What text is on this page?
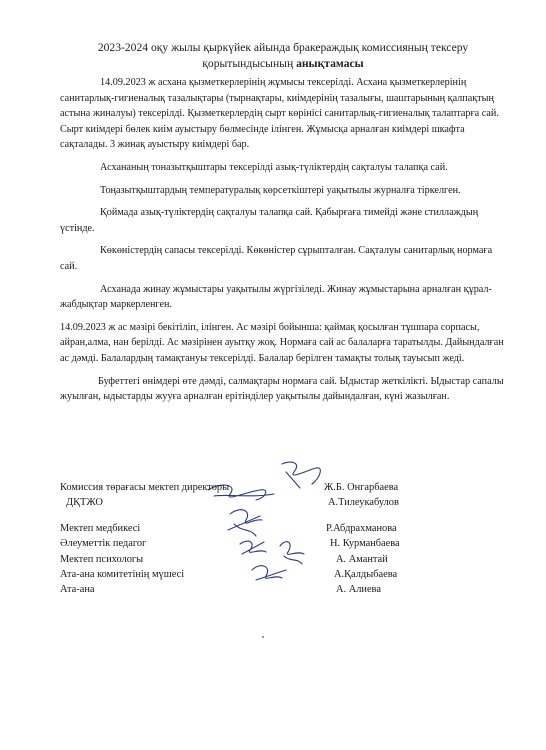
2023-2024 оқу жылы қыркүйек айында бракераждық комиссияның тексеру
қорытындысының анықтамасы

14.09.2023 ж асхана қызметкерлерінің жұмысы тексерілді. Асхана қызметкерлерінің санитарлық-гигиеналық тазалықтары (тырнақтары, киімдерінің тазалығы, шаштарының қалпақтың астына жиналуы) тексерілді. Қызметкерлердің сырт көрінісі санитарлық-гигиеналық талаптарға сай. Сырт киімдері бөлек киім ауыстыру бөлмесінде ілінген. Жұмысқа арналған киімдері шкафта сақталады. 3 жинақ ауыстыру киімдері бар.

Асхананың тоназытқыштары тексерілді азық-түліктердің сақталуы талапқа сай.

Тоңазытқыштардың температуралық көрсеткіштері уақытылы журналға тіркелген.

Қоймада азық-түліктердің сақталуы талапқа сай. Қабырғаға тимейді және стиллаждың үстінде.

Көкөністердің сапасы тексерілді. Көкөністер сұрыпталған. Сақталуы санитарлық нормаға сай.

Асханада жинау жұмыстары уақытылы жүргізіледі. Жинау жұмыстарына арналған құрал-жабдықтар маркерленген.

14.09.2023 ж ас мәзірі бекітіліп, ілінген. Ас мәзірі бойынша: қаймақ қосылған тұшпара сорпасы, айран,алма, нан берілді. Ас мәзірінен ауытқу жоқ. Нормаға сай ас балаларға таратылды. Дайындалған ас дәмді. Балалардың тамақтануы тексерілді. Балалар берілген тамақты толық тауысып жеді.

Буфеттегі өнімдері өте дәмді, салмақтары нормаға сай. Ыдыстар жеткілікті. Ыдыстар сапалы жуылған, ыдыстарды жууға арналған ерітінділер уақытылы дайындалған, күні жазылған.

Комиссия төрағасы мектеп директоры	Ж.Б. Онгарбаева
ДҚТЖО	А.Тилеукабулов
Мектеп медбикесі	Р.Абдрахманова
Әлеуметтік педагог	Н. Курманбаева
Мектеп психологы	А. Амантай
Ата-ана комитетінің мүшесі	А.Қалдыбаева
Ата-ана	А. Алиева
